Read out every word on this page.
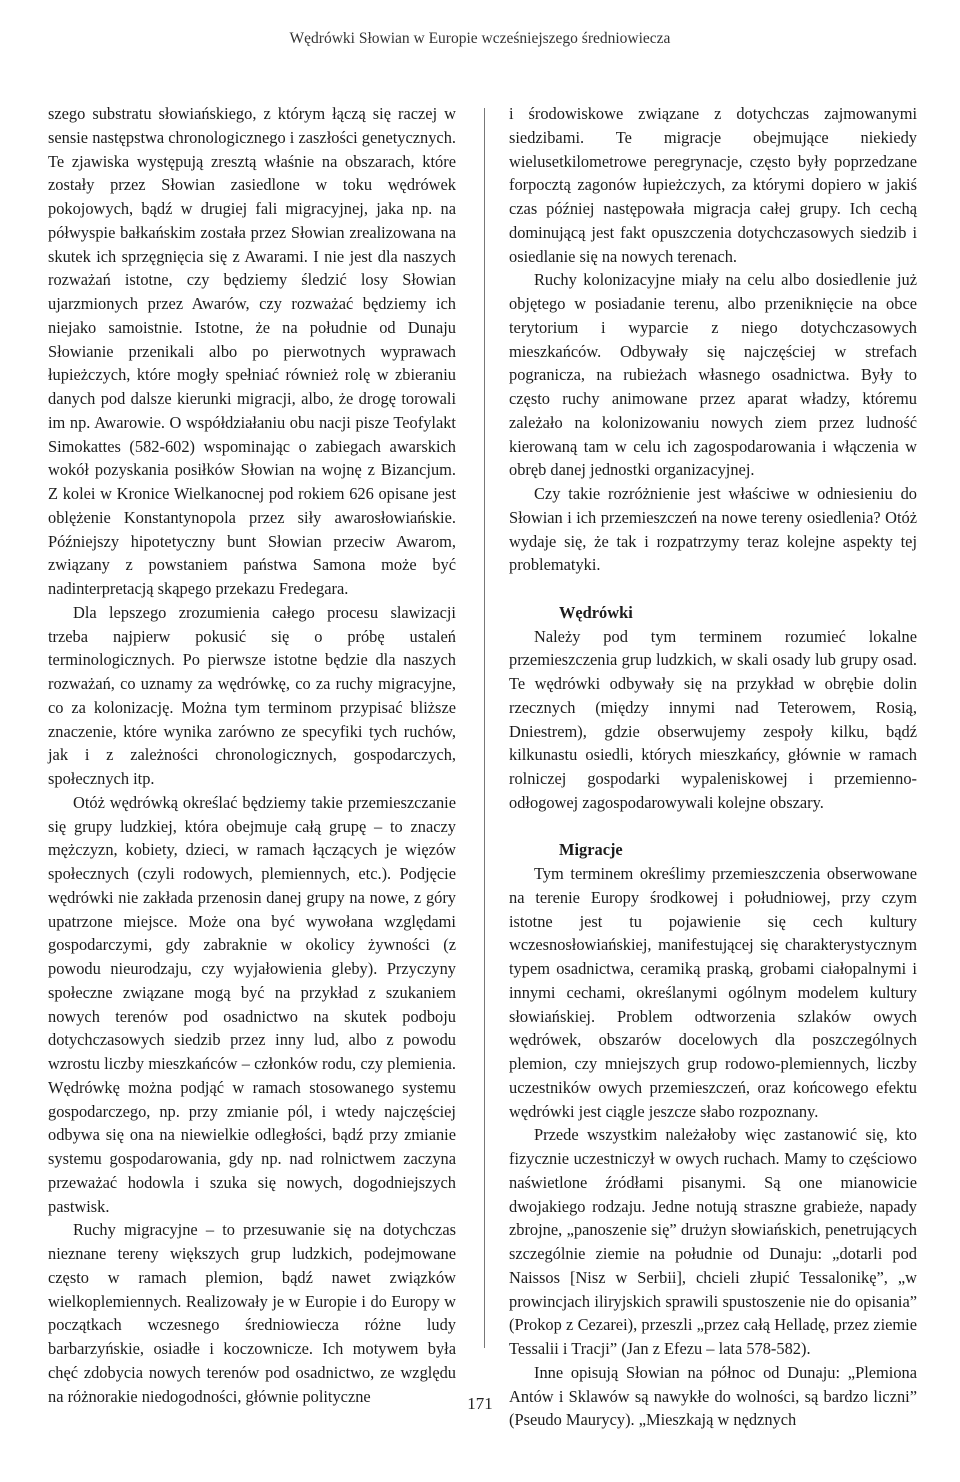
Wędrówki Słowian w Europie wcześniejszego średniowiecza

szego substratu słowiańskiego, z którym łączą się raczej w sensie następstwa chronologicznego i zaszłości genetycznych. Te zjawiska występują zresztą właśnie na obszarach, które zostały przez Słowian zasiedlone w toku wędrówek pokojowych, bądź w drugiej fali migracyjnej, jaka np. na półwyspie bałkańskim została przez Słowian zrealizowana na skutek ich sprzęgnięcia się z Awarami. I nie jest dla naszych rozważań istotne, czy będziemy śledzić losy Słowian ujarzmionych przez Awarów, czy rozważać będziemy ich niejako samoistnie. Istotne, że na południe od Dunaju Słowianie przenikali albo po pierwotnych wyprawach łupieżczych, które mogły spełniać również rolę w zbieraniu danych pod dalsze kierunki migracji, albo, że drogę torowali im np. Awarowie. O współdziałaniu obu nacji pisze Teofylakt Simokattes (582-602) wspominając o zabiegach awarskich wokół pozyskania posiłków Słowian na wojnę z Bizancjum. Z kolei w Kronice Wielkanocnej pod rokiem 626 opisane jest oblężenie Konstantynopola przez siły awarosłowiańskie. Późniejszy hipotetyczny bunt Słowian przeciw Awarom, związany z powstaniem państwa Samona może być nadinterpretacją skąpego przekazu Fredegara.

Dla lepszego zrozumienia całego procesu slawizacji trzeba najpierw pokusić się o próbę ustaleń terminologicznych. Po pierwsze istotne będzie dla naszych rozważań, co uznamy za wędrówkę, co za ruchy migracyjne, co za kolonizację. Można tym terminom przypisać bliższe znaczenie, które wynika zarówno ze specyfiki tych ruchów, jak i z zależności chronologicznych, gospodarczych, społecznych itp.

Otóż wędrówką określać będziemy takie przemieszczanie się grupy ludzkiej, która obejmuje całą grupę – to znaczy mężczyzn, kobiety, dzieci, w ramach łączących je więzów społecznych (czyli rodowych, plemiennych, etc.). Podjęcie wędrówki nie zakłada przenosin danej grupy na nowe, z góry upatrzone miejsce. Może ona być wywołana względami gospodarczymi, gdy zabraknie w okolicy żywności (z powodu nieurodzaju, czy wyjałowienia gleby). Przyczyny społeczne związane mogą być na przykład z szukaniem nowych terenów pod osadnictwo na skutek podboju dotychczasowych siedzib przez inny lud, albo z powodu wzrostu liczby mieszkańców – członków rodu, czy plemienia. Wędrówkę można podjąć w ramach stosowanego systemu gospodarczego, np. przy zmianie pól, i wtedy najczęściej odbywa się ona na niewielkie odległości, bądź przy zmianie systemu gospodarowania, gdy np. nad rolnictwem zaczyna przeważać hodowla i szuka się nowych, dogodniejszych pastwisk.

Ruchy migracyjne – to przesuwanie się na dotychczas nieznane tereny większych grup ludzkich, podejmowane często w ramach plemion, bądź nawet związków wielkoplemiennych. Realizowały je w Europie i do Europy w początkach wczesnego średniowiecza różne ludy barbarzyńskie, osiadłe i koczownicze. Ich motywem była chęć zdobycia nowych terenów pod osadnictwo, ze względu na różnorakie niedogodności, głównie polityczne

i środowiskowe związane z dotychczas zajmowanymi siedzibami. Te migracje obejmujące niekiedy wielusetkilometrowe peregrynacje, często były poprzedzane forpocztą zagonów łupieżczych, za którymi dopiero w jakiś czas później następowała migracja całej grupy. Ich cechą dominującą jest fakt opuszczenia dotychczasowych siedzib i osiedlanie się na nowych terenach.

Ruchy kolonizacyjne miały na celu albo dosiedlenie już objętego w posiadanie terenu, albo przeniknięcie na obce terytorium i wyparcie z niego dotychczasowych mieszkańców. Odbywały się najczęściej w strefach pogranicza, na rubieżach własnego osadnictwa. Były to często ruchy animowane przez aparat władzy, któremu zależało na kolonizowaniu nowych ziem przez ludność kierowaną tam w celu ich zagospodarowania i włączenia w obręb danej jednostki organizacyjnej.

Czy takie rozróżnienie jest właściwe w odniesieniu do Słowian i ich przemieszczeń na nowe tereny osiedlenia? Otóż wydaje się, że tak i rozpatrzymy teraz kolejne aspekty tej problematyki.

Wędrówki

Należy pod tym terminem rozumieć lokalne przemieszczenia grup ludzkich, w skali osady lub grupy osad. Te wędrówki odbywały się na przykład w obrębie dolin rzecznych (między innymi nad Teterowem, Rosią, Dniestrem), gdzie obserwujemy zespoły kilku, bądź kilkunastu osiedli, których mieszkańcy, głównie w ramach rolniczej gospodarki wypalenіskowej i przemienno-odłogowej zagospodarowywali kolejne obszary.

Migracje

Tym terminem określimy przemieszczenia obserwowane na terenie Europy środkowej i południowej, przy czym istotne jest tu pojawienie się cech kultury wczesnosłowiańskiej, manifestującej się charakterystycznym typem osadnictwa, ceramiką praską, grobami ciałopalnymi i innymi cechami, określanymi ogólnym modelem kultury słowiańskiej. Problem odtworzenia szlaków owych wędrówek, obszarów docelowych dla poszczególnych plemion, czy mniejszych grup rodowo-plemiennych, liczby uczestników owych przemieszczeń, oraz końcowego efektu wędrówki jest ciągle jeszcze słabo rozpoznany.

Przede wszystkim należałoby więc zastanowić się, kto fizycznie uczestniczył w owych ruchach. Mamy to częściowo naświetlone źródłami pisanymi. Są one mianowicie dwojakiego rodzaju. Jedne notują straszne grabieże, napady zbrojne, „panoszenie się” drużyn słowiańskich, penetrujących szczególnie ziemie na południe od Dunaju: „dotarli pod Naissos [Nisz w Serbii], chcieli złupić Tessalonikę”, „w prowincjach iliryjskich sprawili spustoszenie nie do opisania” (Prokop z Cezarei), przeszli „przez całą Helladę, przez ziemie Tessalii i Tracji” (Jan z Efezu – lata 578-582).

Inne opisują Słowian na północ od Dunaju: „Plemiona Antów i Sklawów są nawykłe do wolności, są bardzo liczni” (Pseudo Maurycy). „Mieszkają w nędznych

171
